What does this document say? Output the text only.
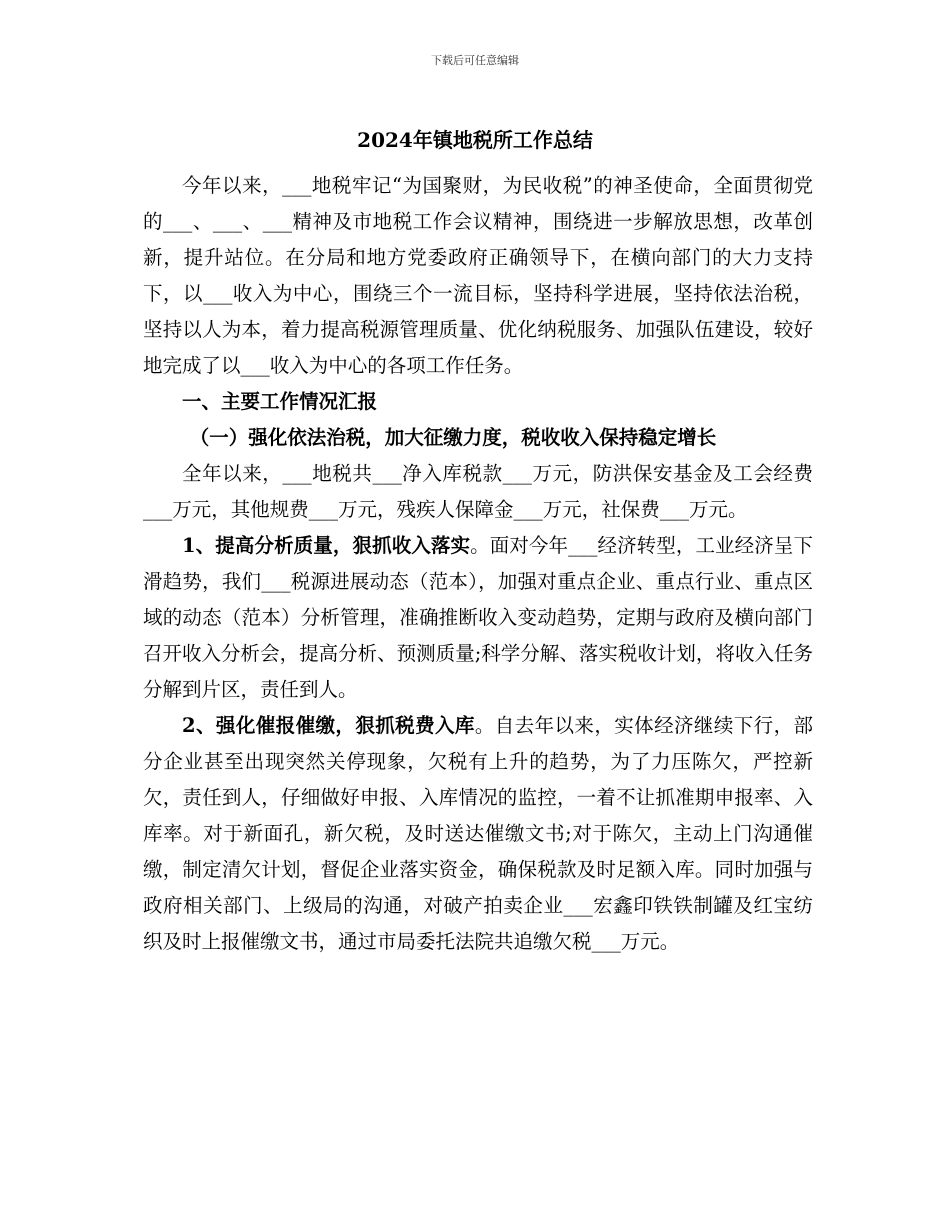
下载后可任意编辑
2024年镇地税所工作总结

今年以来，___地税牢记“为国聚财，为民收税”的神圣使命，全面贯彻党的___、___、___精神及市地税工作会议精神，围绕进一步解放思想，改革创新，提升站位。在分局和地方党委政府正确领导下，在横向部门的大力支持下，以___收入为中心，围绕三个一流目标，坚持科学进展，坚持依法治税，坚持以人为本，着力提高税源管理质量、优化纳税服务、加强队伍建设，较好地完成了以___收入为中心的各项工作任务。

一、主要工作情况汇报

（一）强化依法治税，加大征缴力度，税收收入保持稳定增长

全年以来，___地税共___净入库税款___万元，防洪保安基金及工会经费___万元，其他规费___万元，残疾人保障金___万元，社保费___万元。

1、提高分析质量，狠抓收入落实。面对今年___经济转型，工业经济呈下滑趋势，我们___税源进展动态（范本），加强对重点企业、重点行业、重点区域的动态（范本）分析管理，准确推断收入变动趋势，定期与政府及横向部门召开收入分析会，提高分析、预测质量;科学分解、落实税收计划，将收入任务分解到片区，责任到人。

2、强化催报催缴，狠抓税费入库。自去年以来，实体经济继续下行，部分企业甚至出现突然关停现象，欠税有上升的趋势，为了力压陈欠，严控新欠，责任到人，仔细做好申报、入库情况的监控，一着不让抓准期申报率、入库率。对于新面孔，新欠税，及时送达催缴文书;对于陈欠，主动上门沟通催缴，制定清欠计划，督促企业落实资金，确保税款及时足额入库。同时加强与政府相关部门、上级局的沟通，对破产拍卖企业___宏鑫印铁铁制罐及红宝纺织及时上报催缴文书，通过市局委托法院共追缴欠税___万元。
